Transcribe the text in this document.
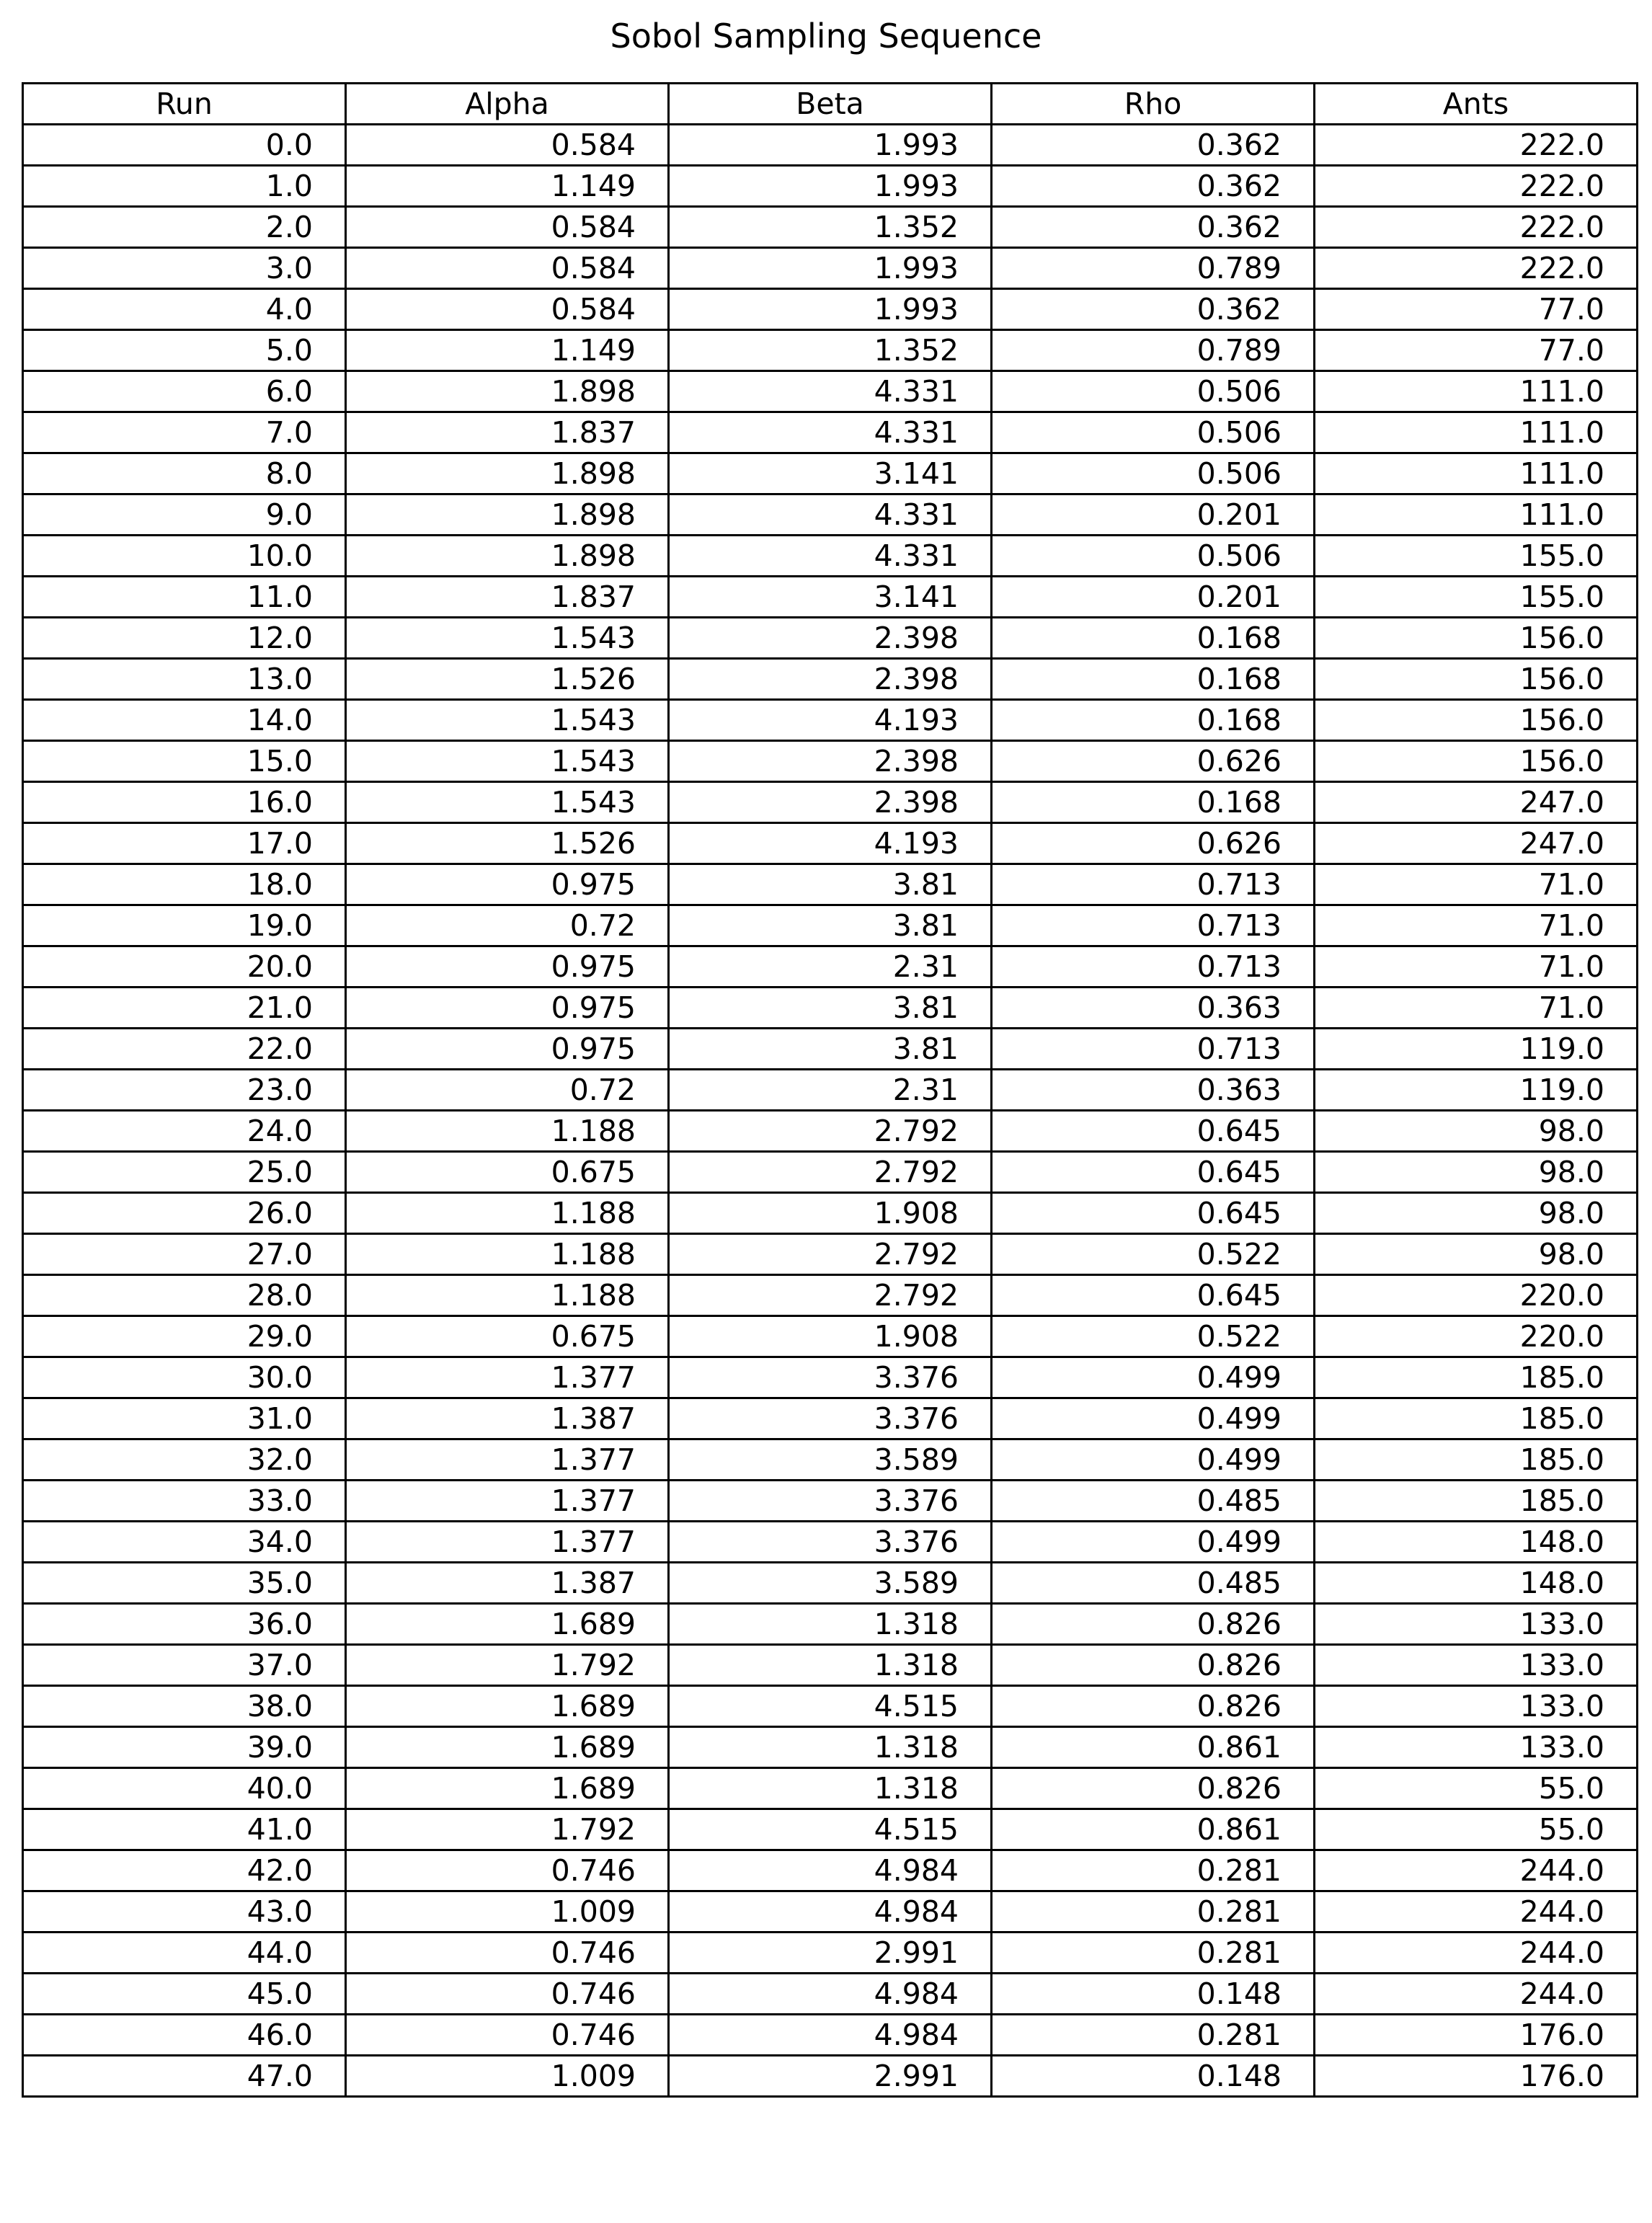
Sobol Sampling Sequence
Run	Alpha	Beta	Rho	Ants
0.0	0.584	1.993	0.362	222.0
1.0	1.149	1.993	0.362	222.0
2.0	0.584	1.352	0.362	222.0
3.0	0.584	1.993	0.789	222.0
4.0	0.584	1.993	0.362	77.0
5.0	1.149	1.352	0.789	77.0
6.0	1.898	4.331	0.506	111.0
7.0	1.837	4.331	0.506	111.0
8.0	1.898	3.141	0.506	111.0
9.0	1.898	4.331	0.201	111.0
10.0	1.898	4.331	0.506	155.0
11.0	1.837	3.141	0.201	155.0
12.0	1.543	2.398	0.168	156.0
13.0	1.526	2.398	0.168	156.0
14.0	1.543	4.193	0.168	156.0
15.0	1.543	2.398	0.626	156.0
16.0	1.543	2.398	0.168	247.0
17.0	1.526	4.193	0.626	247.0
18.0	0.975	3.81	0.713	71.0
19.0	0.72	3.81	0.713	71.0
20.0	0.975	2.31	0.713	71.0
21.0	0.975	3.81	0.363	71.0
22.0	0.975	3.81	0.713	119.0
23.0	0.72	2.31	0.363	119.0
24.0	1.188	2.792	0.645	98.0
25.0	0.675	2.792	0.645	98.0
26.0	1.188	1.908	0.645	98.0
27.0	1.188	2.792	0.522	98.0
28.0	1.188	2.792	0.645	220.0
29.0	0.675	1.908	0.522	220.0
30.0	1.377	3.376	0.499	185.0
31.0	1.387	3.376	0.499	185.0
32.0	1.377	3.589	0.499	185.0
33.0	1.377	3.376	0.485	185.0
34.0	1.377	3.376	0.499	148.0
35.0	1.387	3.589	0.485	148.0
36.0	1.689	1.318	0.826	133.0
37.0	1.792	1.318	0.826	133.0
38.0	1.689	4.515	0.826	133.0
39.0	1.689	1.318	0.861	133.0
40.0	1.689	1.318	0.826	55.0
41.0	1.792	4.515	0.861	55.0
42.0	0.746	4.984	0.281	244.0
43.0	1.009	4.984	0.281	244.0
44.0	0.746	2.991	0.281	244.0
45.0	0.746	4.984	0.148	244.0
46.0	0.746	4.984	0.281	176.0
47.0	1.009	2.991	0.148	176.0
